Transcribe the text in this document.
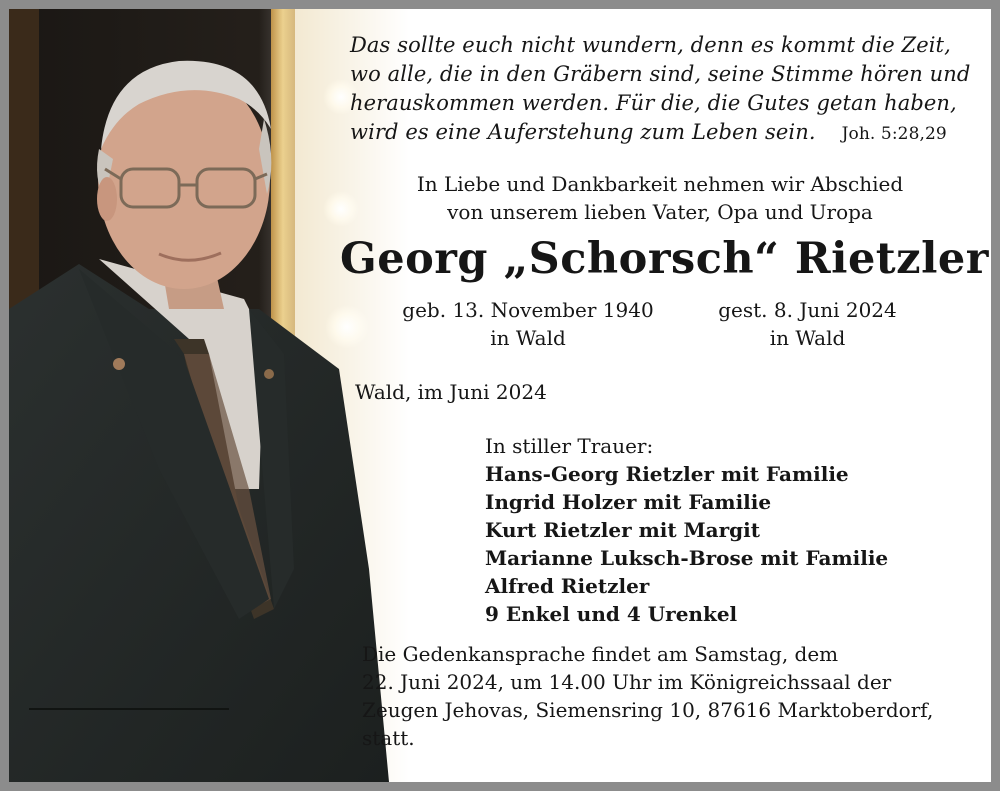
Das sollte euch nicht wundern, denn es kommt die Zeit,
wo alle, die in den Gräbern sind, seine Stimme hören und
herauskommen werden. Für die, die Gutes getan haben,
wird es eine Auferstehung zum Leben sein. Joh. 5:28,29
In Liebe und Dankbarkeit nehmen wir Abschied
von unserem lieben Vater, Opa und Uropa
Georg „Schorsch“ Rietzler
geb. 13. November 1940
in Wald
gest. 8. Juni 2024
in Wald
Wald, im Juni 2024
In stiller Trauer:
Hans-Georg Rietzler mit Familie
Ingrid Holzer mit Familie
Kurt Rietzler mit Margit
Marianne Luksch-Brose mit Familie
Alfred Rietzler
9 Enkel und 4 Urenkel
Die Gedenkansprache findet am Samstag, dem
22. Juni 2024, um 14.00 Uhr im Königreichssaal der
Zeugen Jehovas, Siemensring 10, 87616 Marktoberdorf,
statt.
